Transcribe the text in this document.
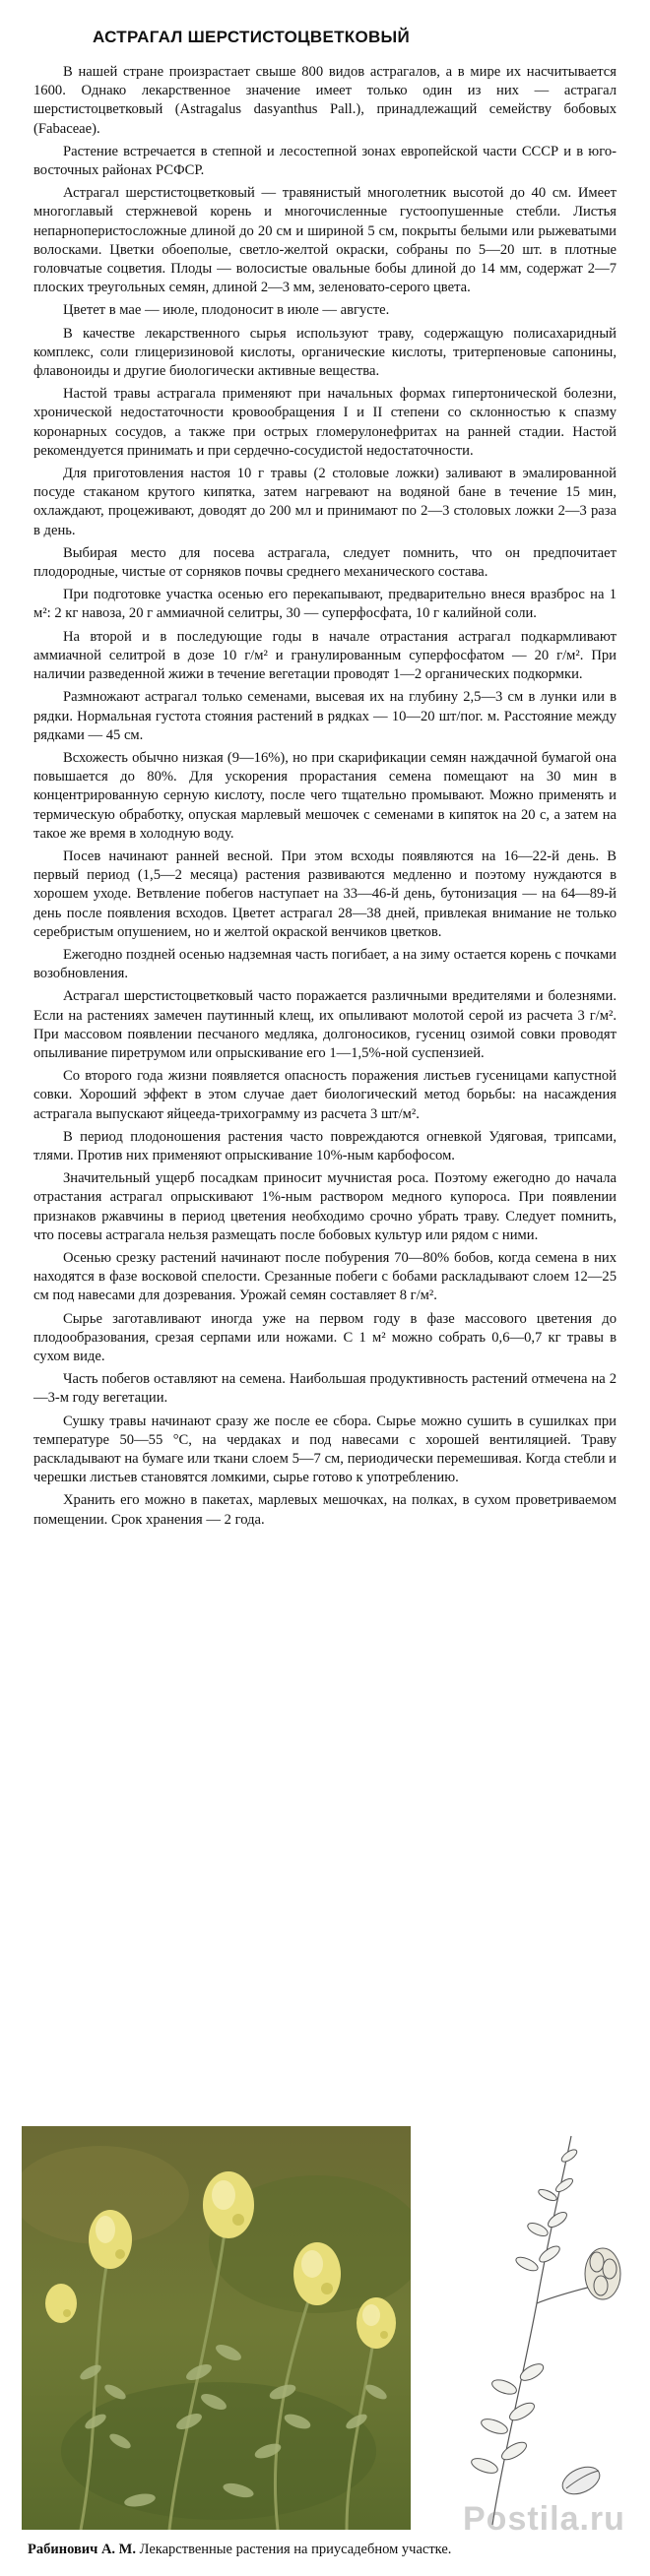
АСТРАГАЛ ШЕРСТИСТОЦВЕТКОВЫЙ

В нашей стране произрастает свыше 800 видов астрагалов, а в мире их насчитывается 1600. Однако лекарственное значение имеет только один из них — астрагал шерстистоцветковый (Astragalus dasyanthus Pall.), принадлежащий семейству бобовых (Fabaceae).

Растение встречается в степной и лесостепной зонах европейской части СССР и в юго-восточных районах РСФСР.

Астрагал шерстистоцветковый — травянистый многолетник высотой до 40 см. Имеет многоглавый стержневой корень и многочисленные густоопушенные стебли. Листья непарноперистосложные длиной до 20 см и шириной 5 см, покрыты белыми или рыжеватыми волосками. Цветки обоеполые, светло-желтой окраски, собраны по 5—20 шт. в плотные головчатые соцветия. Плоды — волосистые овальные бобы длиной до 14 мм, содержат 2—7 плоских треугольных семян, длиной 2—3 мм, зеленовато-серого цвета.

Цветет в мае — июле, плодоносит в июле — августе.

В качестве лекарственного сырья используют траву, содержащую полисахаридный комплекс, соли глицеризиновой кислоты, органические кислоты, тритерпеновые сапонины, флавоноиды и другие биологически активные вещества.

Настой травы астрагала применяют при начальных формах гипертонической болезни, хронической недостаточности кровообращения I и II степени со склонностью к спазму коронарных сосудов, а также при острых гломерулонефритах на ранней стадии. Настой рекомендуется принимать и при сердечно-сосудистой недостаточности.

Для приготовления настоя 10 г травы (2 столовые ложки) заливают в эмалированной посуде стаканом крутого кипятка, затем нагревают на водяной бане в течение 15 мин, охлаждают, процеживают, доводят до 200 мл и принимают по 2—3 столовых ложки 2—3 раза в день.

Выбирая место для посева астрагала, следует помнить, что он предпочитает плодородные, чистые от сорняков почвы среднего механического состава.

При подготовке участка осенью его перекапывают, предварительно внеся вразброс на 1 м²: 2 кг навоза, 20 г аммиачной селитры, 30 — суперфосфата, 10 г калийной соли.

На второй и в последующие годы в начале отрастания астрагал подкармливают аммиачной селитрой в дозе 10 г/м² и гранулированным суперфосфатом — 20 г/м². При наличии разведенной жижи в течение вегетации проводят 1—2 органических подкормки.

Размножают астрагал только семенами, высевая их на глубину 2,5—3 см в лунки или в рядки. Нормальная густота стояния растений в рядках — 10—20 шт/пог. м. Расстояние между рядками — 45 см.

Всхожесть обычно низкая (9—16%), но при скарификации семян наждачной бумагой она повышается до 80%. Для ускорения прорастания семена помещают на 30 мин в концентрированную серную кислоту, после чего тщательно промывают. Можно применять и термическую обработку, опуская марлевый мешочек с семенами в кипяток на 20 с, а затем на такое же время в холодную воду.

Посев начинают ранней весной. При этом всходы появляются на 16—22-й день. В первый период (1,5—2 месяца) растения развиваются медленно и поэтому нуждаются в хорошем уходе. Ветвление побегов наступает на 33—46-й день, бутонизация — на 64—89-й день после появления всходов. Цветет астрагал 28—38 дней, привлекая внимание не только серебристым опушением, но и желтой окраской венчиков цветков.

Ежегодно поздней осенью надземная часть погибает, а на зиму остается корень с почками возобновления.

Астрагал шерстистоцветковый часто поражается различными вредителями и болезнями. Если на растениях замечен паутинный клещ, их опыливают молотой серой из расчета 3 г/м². При массовом появлении песчаного медляка, долгоносиков, гусениц озимой совки проводят опыливание пиретрумом или опрыскивание его 1—1,5%-ной суспензией.

Со второго года жизни появляется опасность поражения листьев гусеницами капустной совки. Хороший эффект в этом случае дает биологический метод борьбы: на насаждения астрагала выпускают яйцееда-трихограмму из расчета 3 шт/м².

В период плодоношения растения часто повреждаются огневкой Удяговая, трипсами, тлями. Против них применяют опрыскивание 10%-ным карбофосом.

Значительный ущерб посадкам приносит мучнистая роса. Поэтому ежегодно до начала отрастания астрагал опрыскивают 1%-ным раствором медного купороса. При появлении признаков ржавчины в период цветения необходимо срочно убрать траву. Следует помнить, что посевы астрагала нельзя размещать после бобовых культур или рядом с ними.

Осенью срезку растений начинают после побурения 70—80% бобов, когда семена в них находятся в фазе восковой спелости. Срезанные побеги с бобами раскладывают слоем 12—25 см под навесами для дозревания. Урожай семян составляет 8 г/м².

Сырье заготавливают иногда уже на первом году в фазе массового цветения до плодообразования, срезая серпами или ножами. С 1 м² можно собрать 0,6—0,7 кг травы в сухом виде.

Часть побегов оставляют на семена. Наибольшая продуктивность растений отмечена на 2—3-м году вегетации.

Сушку травы начинают сразу же после ее сбора. Сырье можно сушить в сушилках при температуре 50—55 °С, на чердаках и под навесами с хорошей вентиляцией. Траву раскладывают на бумаге или ткани слоем 5—7 см, периодически перемешивая. Когда стебли и черешки листьев становятся ломкими, сырье готово к употреблению.

Хранить его можно в пакетах, марлевых мешочках, на полках, в сухом проветриваемом помещении. Срок хранения — 2 года.

Postila.ru
Рабинович А. М. Лекарственные растения на приусадебном участке.
